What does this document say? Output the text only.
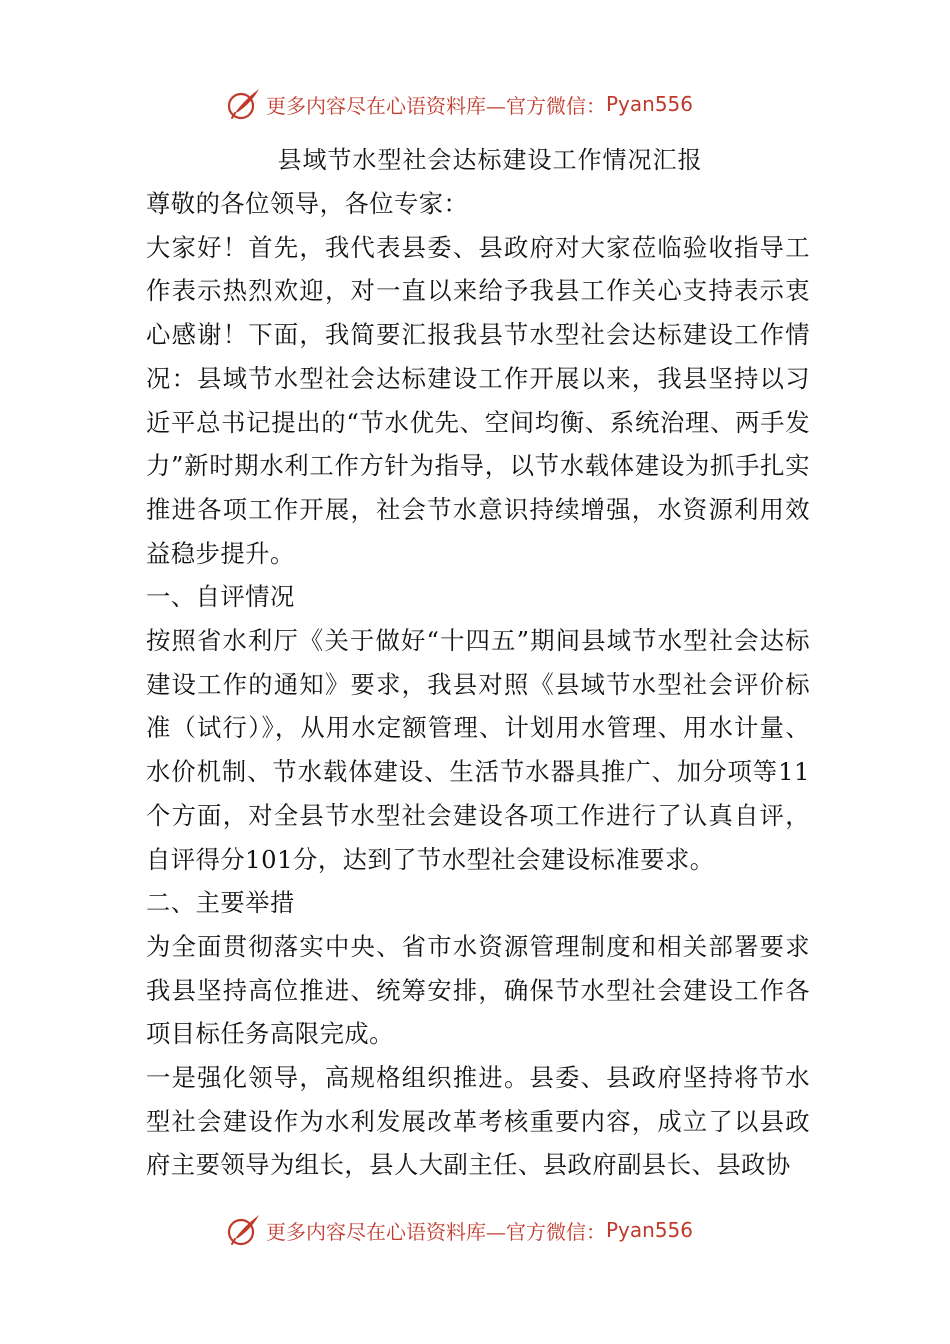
更多内容尽在心语资料库—官方微信： Pyan556
县域节水型社会达标建设工作情况汇报

尊敬的各位领导，各位专家：

大家好！首先，我代表县委、县政府对大家莅临验收指导工作表示热烈欢迎，对一直以来给予我县工作关心支持表示衷心感谢！下面，我简要汇报我县节水型社会达标建设工作情况：县域节水型社会达标建设工作开展以来，我县坚持以习近平总书记提出的“节水优先、空间均衡、系统治理、两手发力”新时期水利工作方针为指导，以节水载体建设为抓手扎实推进各项工作开展，社会节水意识持续增强，水资源利用效益稳步提升。

一、自评情况

按照省水利厅《关于做好“十四五”期间县域节水型社会达标建设工作的通知》要求，我县对照《县域节水型社会评价标准（试行）》，从用水定额管理、计划用水管理、用水计量、水价机制、节水载体建设、生活节水器具推广、加分项等11个方面，对全县节水型社会建设各项工作进行了认真自评，自评得分101分，达到了节水型社会建设标准要求。

二、主要举措

为全面贯彻落实中央、省市水资源管理制度和相关部署要求我县坚持高位推进、统筹安排，确保节水型社会建设工作各项目标任务高限完成。

一是强化领导，高规格组织推进。县委、县政府坚持将节水型社会建设作为水利发展改革考核重要内容，成立了以县政府主要领导为组长，县人大副主任、县政府副县长、县政协

更多内容尽在心语资料库—官方微信： Pyan556
